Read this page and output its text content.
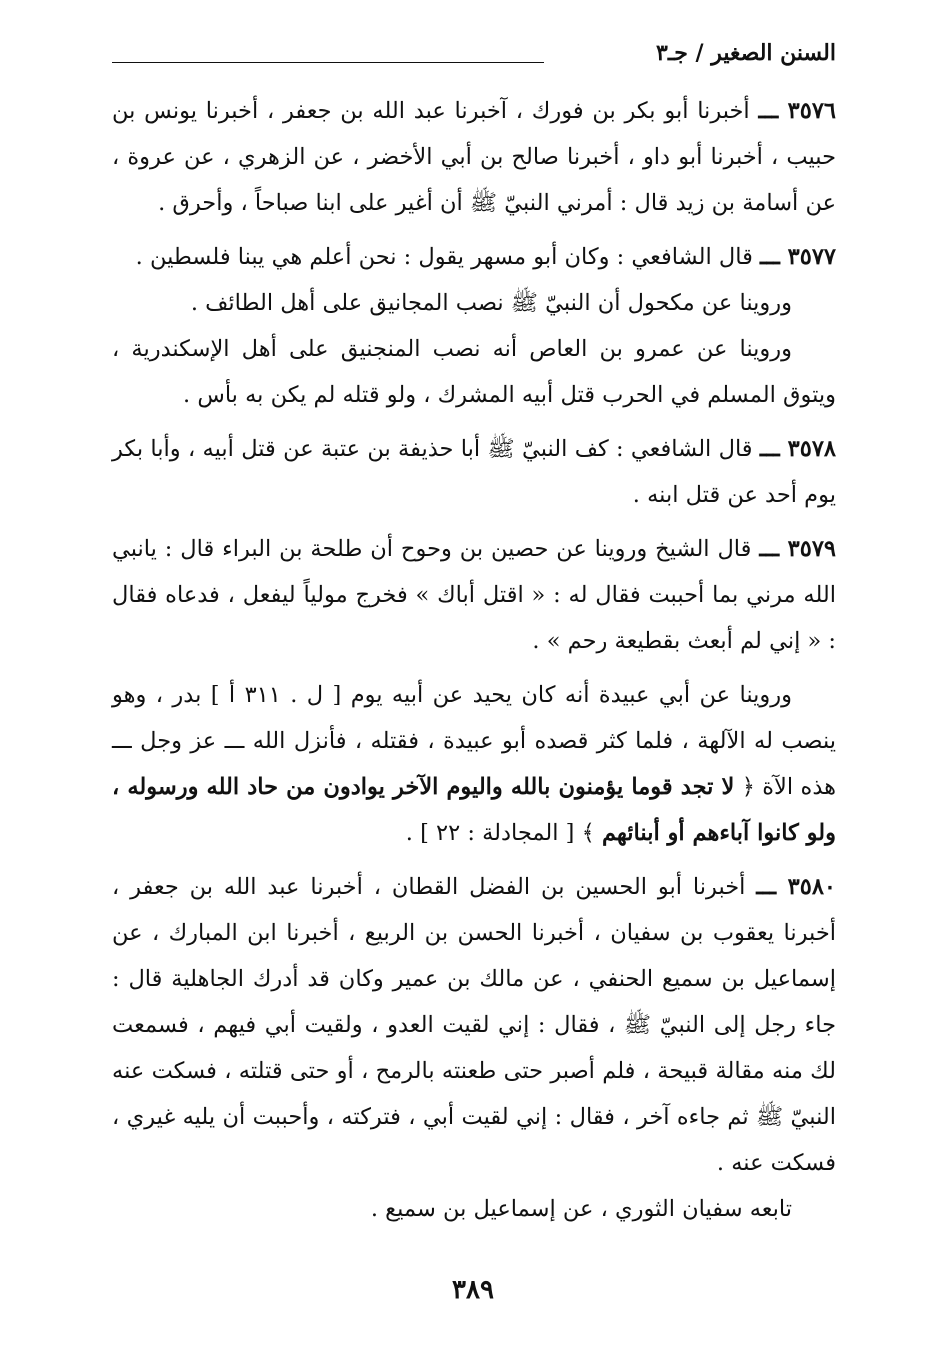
السنن الصغير / جـ٣

٣٥٧٦ ـــ أخبرنا أبو بكر بن فورك ، آخبرنا عبد الله بن جعفر ، أخبرنا يونس بن حبيب ، أخبرنا أبو داو ، أخبرنا صالح بن أبي الأخضر ، عن الزهري ، عن عروة ، عن أسامة بن زيد قال : أمرني النبيّ ﷺ أن أغير على ابنا صباحاً ، وأحرق .

٣٥٧٧ ـــ قال الشافعي : وكان أبو مسهر يقول : نحن أعلم هي يبنا فلسطين .

وروينا عن مكحول أن النبيّ ﷺ نصب المجانيق على أهل الطائف .

وروينا عن عمرو بن العاص أنه نصب المنجنيق على أهل الإسكندرية ، ويتوق المسلم في الحرب قتل أبيه المشرك ، ولو قتله لم يكن به بأس .

٣٥٧٨ ـــ قال الشافعي : كف النبيّ ﷺ أبا حذيفة بن عتبة عن قتل أبيه ، وأبا بكر يوم أحد عن قتل ابنه .

٣٥٧٩ ـــ قال الشيخ وروينا عن حصين بن وحوح أن طلحة بن البراء قال : يانبي الله مرني بما أحببت فقال له : « اقتل أباك » فخرج مولياً ليفعل ، فدعاه فقال : « إني لم أبعث بقطيعة رحم » .

وروينا عن أبي عبيدة أنه كان يحيد عن أبيه يوم [ ل . ٣١١ أ ] بدر ، وهو ينصب له الآلهة ، فلما كثر قصده أبو عبيدة ، فقتله ، فأنزل الله ـــ عز وجل ـــ هذه الآة ﴿ لا تجد قوما يؤمنون بالله واليوم الآخر يوادون من حاد الله ورسوله ، ولو كانوا آباءهم أو أبنائهم ﴾ [ المجادلة : ٢٢ ] .

٣٥٨٠ ـــ أخبرنا أبو الحسين بن الفضل القطان ، أخبرنا عبد الله بن جعفر ، أخبرنا يعقوب بن سفيان ، أخبرنا الحسن بن الربيع ، أخبرنا ابن المبارك ، عن إسماعيل بن سميع الحنفي ، عن مالك بن عمير وكان قد أدرك الجاهلية قال : جاء رجل إلى النبيّ ﷺ ، فقال : إني لقيت العدو ، ولقيت أبي فيهم ، فسمعت لك منه مقالة قبيحة ، فلم أصبر حتى طعنته بالرمح ، أو حتى قتلته ، فسكت عنه النبيّ ﷺ ثم جاءه آخر ، فقال : إني لقيت أبي ، فتركته ، وأحببت أن يليه غيري ، فسكت عنه .

تابعه سفيان الثوري ، عن إسماعيل بن سميع .

٣٨٩
